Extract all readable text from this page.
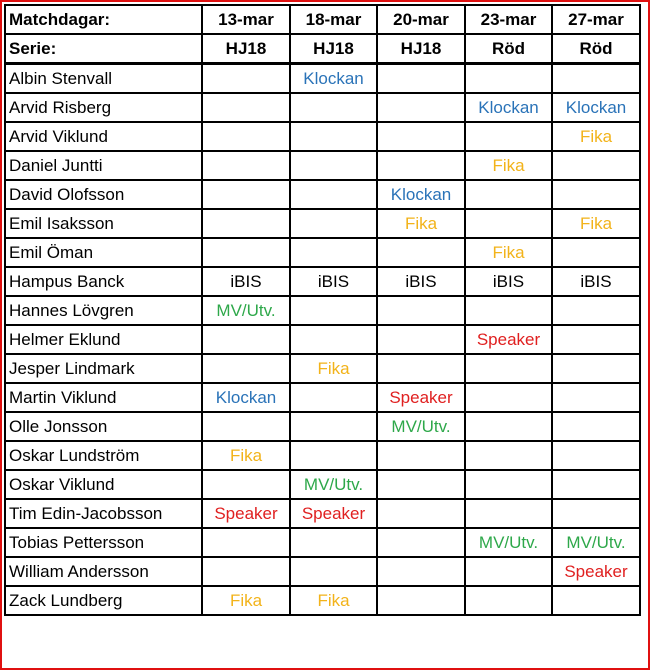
Matchdagar:	13-mar	18-mar	20-mar	23-mar	27-mar
Serie:	HJ18	HJ18	HJ18	Röd	Röd
Albin Stenvall		Klockan			
Arvid Risberg				Klockan	Klockan
Arvid Viklund					Fika
Daniel Juntti				Fika	
David Olofsson			Klockan		
Emil Isaksson			Fika		Fika
Emil Öman				Fika	
Hampus Banck	iBIS	iBIS	iBIS	iBIS	iBIS
Hannes Lövgren	MV/Utv.				
Helmer Eklund				Speaker	
Jesper Lindmark		Fika			
Martin Viklund	Klockan		Speaker		
Olle Jonsson			MV/Utv.		
Oskar Lundström	Fika				
Oskar Viklund		MV/Utv.			
Tim Edin-Jacobsson	Speaker	Speaker			
Tobias Pettersson				MV/Utv.	MV/Utv.
William Andersson					Speaker
Zack Lundberg	Fika	Fika			
